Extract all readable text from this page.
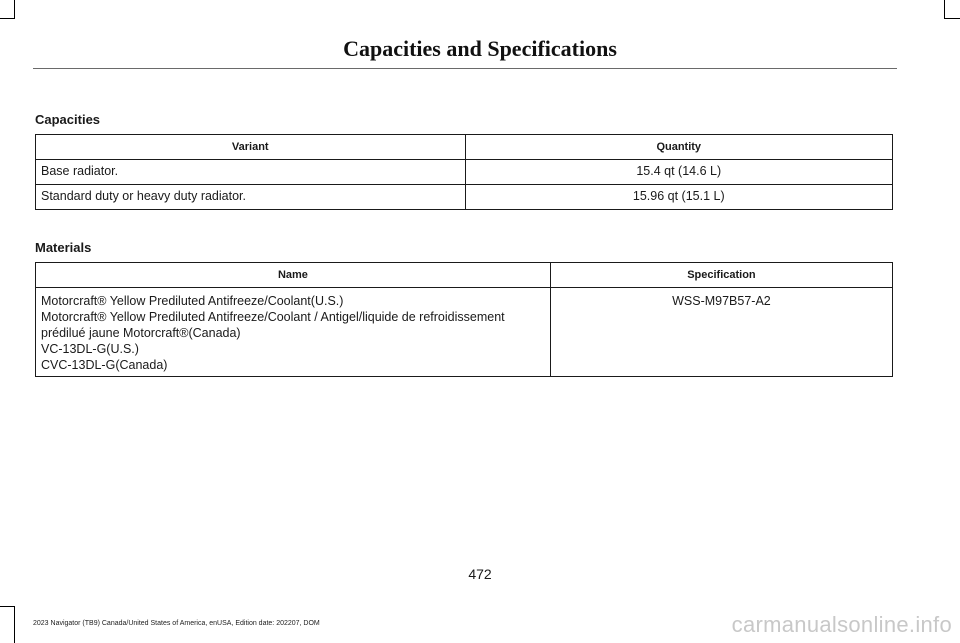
Capacities and Specifications
Capacities
Variant	Quantity
Base radiator.	15.4 qt (14.6 L)
Standard duty or heavy duty radiator.	15.96 qt (15.1 L)
Materials
Name	Specification

Motorcraft® Yellow Prediluted Antifreeze/Coolant(U.S.)
Motorcraft® Yellow Prediluted Antifreeze/Coolant / Antigel/liquide de refroidissement
prédilué jaune Motorcraft®(Canada)
VC-13DL-G(U.S.)
CVC-13DL-G(Canada)	WSS-M97B57-A2
472
2023 Navigator (TB9) Canada/United States of America, enUSA, Edition date: 202207, DOM	carmanualsonline.info
